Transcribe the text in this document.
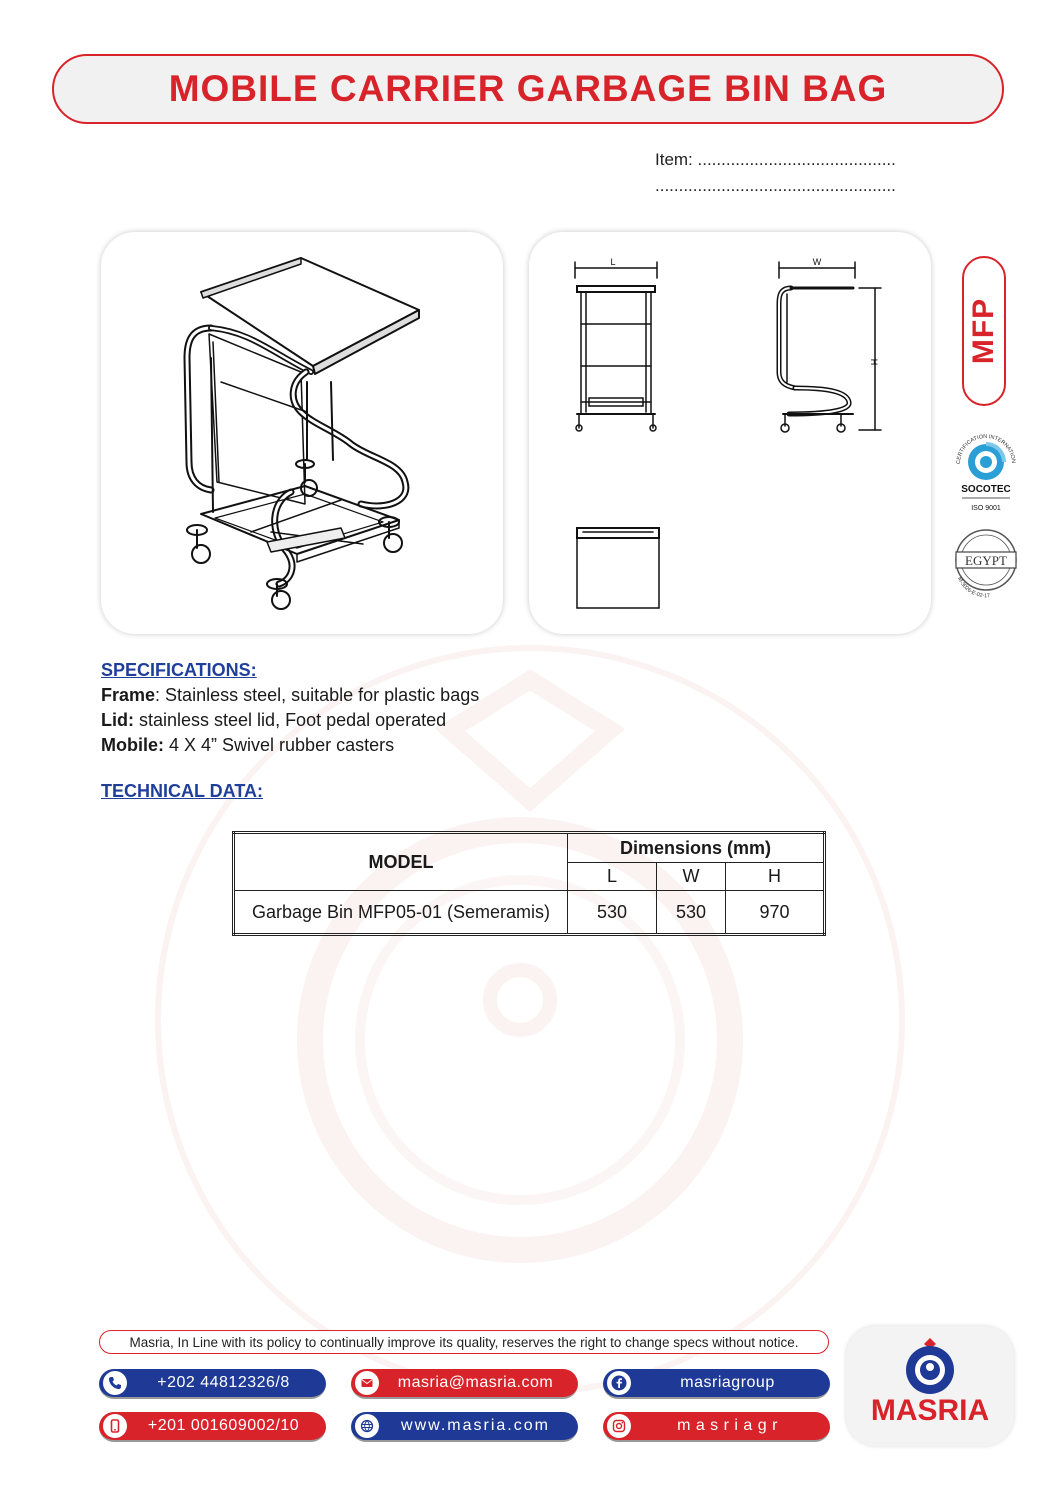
MOBILE CARRIER GARBAGE BIN BAG
Item: ..........................................
...................................................
L	W
H	MFP
CERTIFICATION INTERNATION
SOCOTEC
ISO 9001
EGYPT
M-3026-E-02-17
SPECIFICATIONS:
Frame: Stainless steel, suitable for plastic bags
Lid: stainless steel lid, Foot pedal operated
Mobile: 4 X 4” Swivel rubber casters
TECHNICAL DATA:
MODEL	Dimensions (mm)		
	L	W	H
Garbage Bin MFP05-01 (Semeramis)	530	530	970
Masria, In Line with its policy to continually improve its quality, reserves the right to change specs without notice.
+202 44812326/8
+201 001609002/10
masria@masria.com
www.masria.com
masriagroup
m a s r i a g r	MASRIA
